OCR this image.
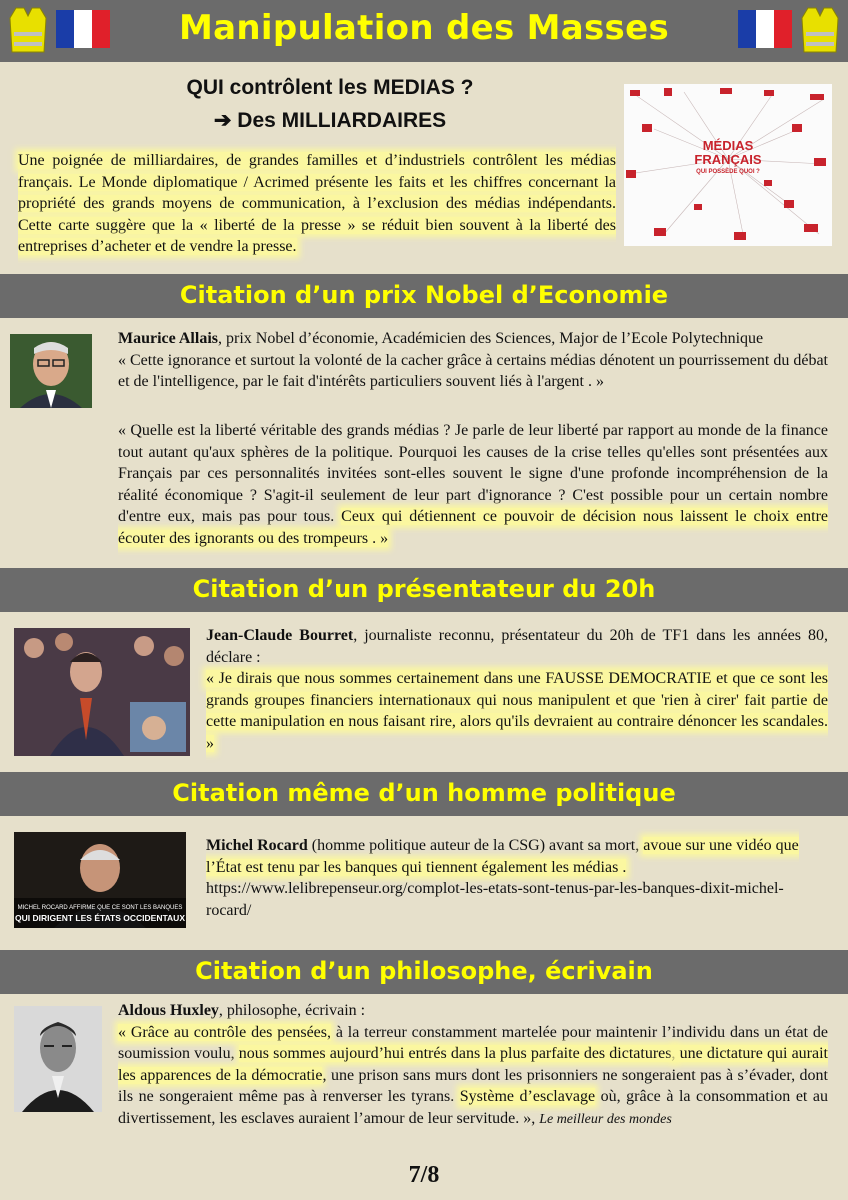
Manipulation des Masses
QUI contrôlent les MEDIAS ?
➔ Des MILLIARDAIRES
Une poignée de milliardaires, de grandes familles et d’industriels contrôlent les médias français. Le Monde diplomatique / Acrimed présente les faits et les chiffres concernant la propriété des grands moyens de communication, à l’exclusion des médias indépendants. Cette carte suggère que la « liberté de la presse » se réduit bien souvent à la liberté des entreprises d’acheter et de vendre la presse.
MÉDIAS
FRANÇAIS
QUI POSSÈDE QUOI ?
Citation d’un prix Nobel d’Economie
Maurice Allais, prix Nobel d’économie, Académicien des Sciences, Major de l’Ecole Polytechnique
« Cette ignorance et surtout la volonté de la cacher grâce à certains médias dénotent un pourrissement du débat et de l'intelligence, par le fait d'intérêts particuliers souvent liés à l'argent . »
« Quelle est la liberté véritable des grands médias ? Je parle de leur liberté par rapport au monde de la finance tout autant qu'aux sphères de la politique. Pourquoi les causes de la crise telles qu'elles sont présentées aux Français par ces personnalités invitées sont-elles souvent le signe d'une profonde incompréhension de la réalité économique ? S'agit-il seulement de leur part d'ignorance ? C'est possible pour un certain nombre d'entre eux, mais pas pour tous. Ceux qui détiennent ce pouvoir de décision nous laissent le choix entre écouter des ignorants ou des trompeurs . »
Citation d’un présentateur du 20h
Jean-Claude Bourret, journaliste reconnu, présentateur du 20h de TF1 dans les années 80, déclare :
« Je dirais que nous sommes certainement dans une FAUSSE DEMOCRATIE et que ce sont les grands groupes financiers internationaux qui nous manipulent et que 'rien à cirer' fait partie de cette manipulation en nous faisant rire, alors qu'ils devraient au contraire dénoncer les scandales. »
Citation même d’un homme politique
MICHEL ROCARD AFFIRME QUE CE SONT LES BANQUES
QUI DIRIGENT LES ÉTATS OCCIDENTAUX
Michel Rocard (homme politique auteur de la CSG) avant sa mort, avoue sur une vidéo que l’État est tenu par les banques qui tiennent également les médias .
https://www.lelibrepenseur.org/complot-les-etats-sont-tenus-par-les-banques-dixit-michel-rocard/
Citation d’un philosophe, écrivain
Aldous Huxley, philosophe, écrivain :
« Grâce au contrôle des pensées, à la terreur constamment martelée pour maintenir l’individu dans un état de soumission voulu, nous sommes aujourd’hui entrés dans la plus parfaite des dictatures, une dictature qui aurait les apparences de la démocratie, une prison sans murs dont les prisonniers ne songeraient pas à s’évader, dont ils ne songeraient même pas à renverser les tyrans. Système d’esclavage où, grâce à la consommation et au divertissement, les esclaves auraient l’amour de leur servitude. », Le meilleur des mondes
7/8
